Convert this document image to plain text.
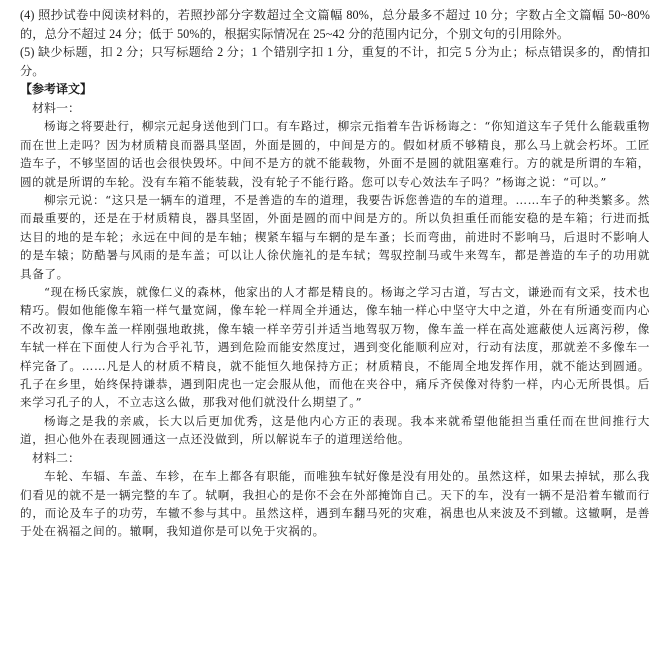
(4) 照抄试卷中阅读材料的，若照抄部分字数超过全文篇幅 80%，总分最多不超过 10 分；字数占全文篇幅 50~80%的，总分不超过 24 分；低于 50%的，根据实际情况在 25~42 分的范围内记分，个别文句的引用除外。

(5) 缺少标题，扣 2 分；只写标题给 2 分；1 个错别字扣 1 分，重复的不计，扣完 5 分为止；标点错误多的，酌情扣分。

【参考译文】

材料一：

杨诲之将要赴行，柳宗元起身送他到门口。有车路过，柳宗元指着车告诉杨诲之：“你知道这车子凭什么能载重物而在世上走吗？因为材质精良而器具坚固，外面是圆的，中间是方的。假如材质不够精良，那么马上就会朽坏。工匠造车子，不够坚固的话也会很快毁坏。中间不是方的就不能载物，外面不是圆的就阻塞难行。方的就是所谓的车箱，圆的就是所谓的车轮。没有车箱不能装载，没有轮子不能行路。您可以专心效法车子吗？”杨诲之说：“可以。”

柳宗元说：“这只是一辆车的道理，不是善造的车的道理，我要告诉您善造的车的道理。……车子的种类繁多。然而最重要的，还是在于材质精良，器具坚固，外面是圆的而中间是方的。所以负担重任而能安稳的是车箱；行进而抵达目的地的是车轮；永远在中间的是车轴；楔紧车辐与车辋的是车蚤；长而弯曲，前进时不影响马，后退时不影响人的是车辕；防酷暑与风雨的是车盖；可以让人徐伏施礼的是车轼；驾驭控制马或牛来驾车，都是善造的车子的功用就具备了。

“现在杨氏家族，就像仁义的森林，他家出的人才都是精良的。杨诲之学习古道，写古文，谦逊而有文采，技术也精巧。假如他能像车箱一样气量宽阔，像车轮一样周全并通达，像车轴一样心中坚守大中之道，外在有所通变而内心不改初衷，像车盖一样刚强地敢挑，像车辕一样辛劳引并适当地驾驭万物，像车盖一样在高处遮蔽使人远离污秽，像车轼一样在下面使人行为合乎礼节，遇到危险而能安然度过，遇到变化能顺利应对，行动有法度，那就差不多像车一样完备了。……凡是人的材质不精良，就不能恒久地保持方正；材质精良，不能周全地发挥作用，就不能达到圆通。孔子在乡里，始终保持谦恭，遇到阳虎也一定会服从他，而他在夹谷中，痛斥齐侯像对待豹一样，内心无所畏惧。后来学习孔子的人，不立志这么做，那我对他们就没什么期望了。”

杨诲之是我的亲戚，长大以后更加优秀，这是他内心方正的表现。我本来就希望他能担当重任而在世间推行大道，担心他外在表现圆通这一点还没做到，所以解说车子的道理送给他。

材料二：

车轮、车辐、车盖、车轸，在车上都各有职能，而唯独车轼好像是没有用处的。虽然这样，如果去掉轼，那么我们看见的就不是一辆完整的车了。轼啊，我担心的是你不会在外部掩饰自己。天下的车，没有一辆不是沿着车辙而行的，而论及车子的功劳，车辙不参与其中。虽然这样，遇到车翻马死的灾难，祸患也从来波及不到辙。这辙啊，是善于处在祸福之间的。辙啊，我知道你是可以免于灾祸的。
